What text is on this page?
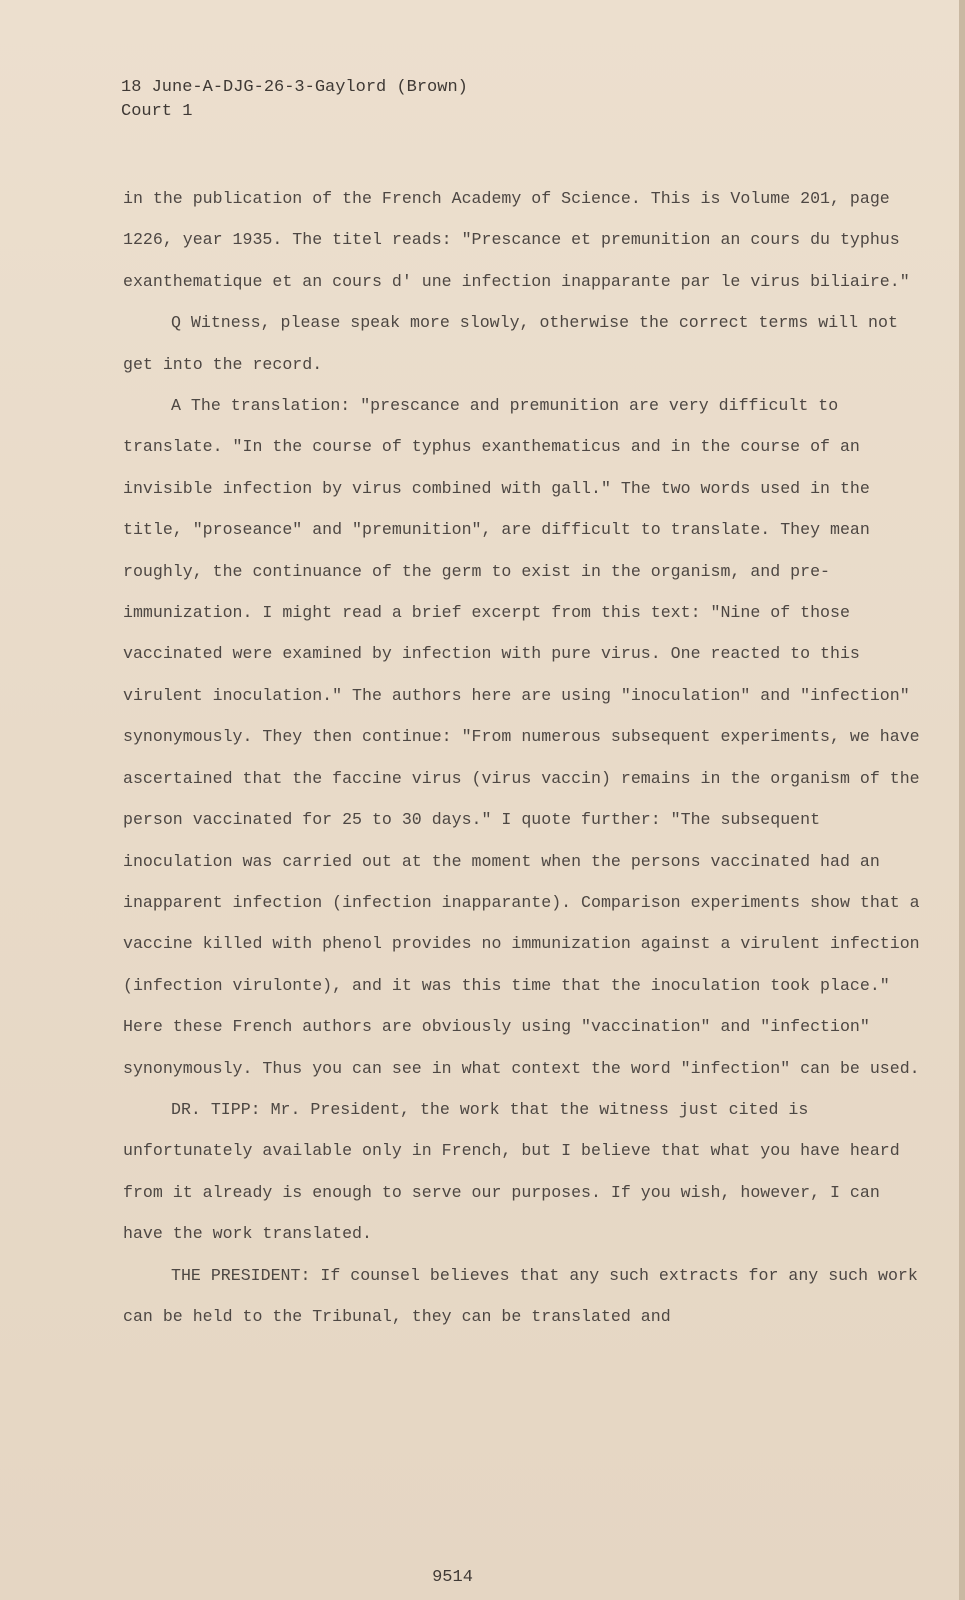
18 June-A-DJG-26-3-Gaylord (Brown)
Court 1

in the publication of the French Academy of Science. This is Volume 201, page 1226, year 1935. The titel reads: "Prescance et premunition an cours du typhus exanthematique et an cours d' une infection inapparante par le virus biliaire."

Q Witness, please speak more slowly, otherwise the correct terms will not get into the record.

A The translation: "prescance and premunition are very difficult to translate. "In the course of typhus exanthematicus and in the course of an invisible infection by virus combined with gall." The two words used in the title, "proseance" and "premunition", are difficult to translate. They mean roughly, the continuance of the germ to exist in the organism, and pre-immunization. I might read a brief excerpt from this text: "Nine of those vaccinated were examined by infection with pure virus. One reacted to this virulent inoculation." The authors here are using "inoculation" and "infection" synonymously. They then continue: "From numerous subsequent experiments, we have ascertained that the faccine virus (virus vaccin) remains in the organism of the person vaccinated for 25 to 30 days." I quote further: "The subsequent inoculation was carried out at the moment when the persons vaccinated had an inapparent infection (infection inapparante). Comparison experiments show that a vaccine killed with phenol provides no immunization against a virulent infection (infection virulonte), and it was this time that the inoculation took place." Here these French authors are obviously using "vaccination" and "infection" synonymously. Thus you can see in what context the word "infection" can be used.

DR. TIPP: Mr. President, the work that the witness just cited is unfortunately available only in French, but I believe that what you have heard from it already is enough to serve our purposes. If you wish, however, I can have the work translated.

THE PRESIDENT: If counsel believes that any such extracts for any such work can be held to the Tribunal, they can be translated and

9514
